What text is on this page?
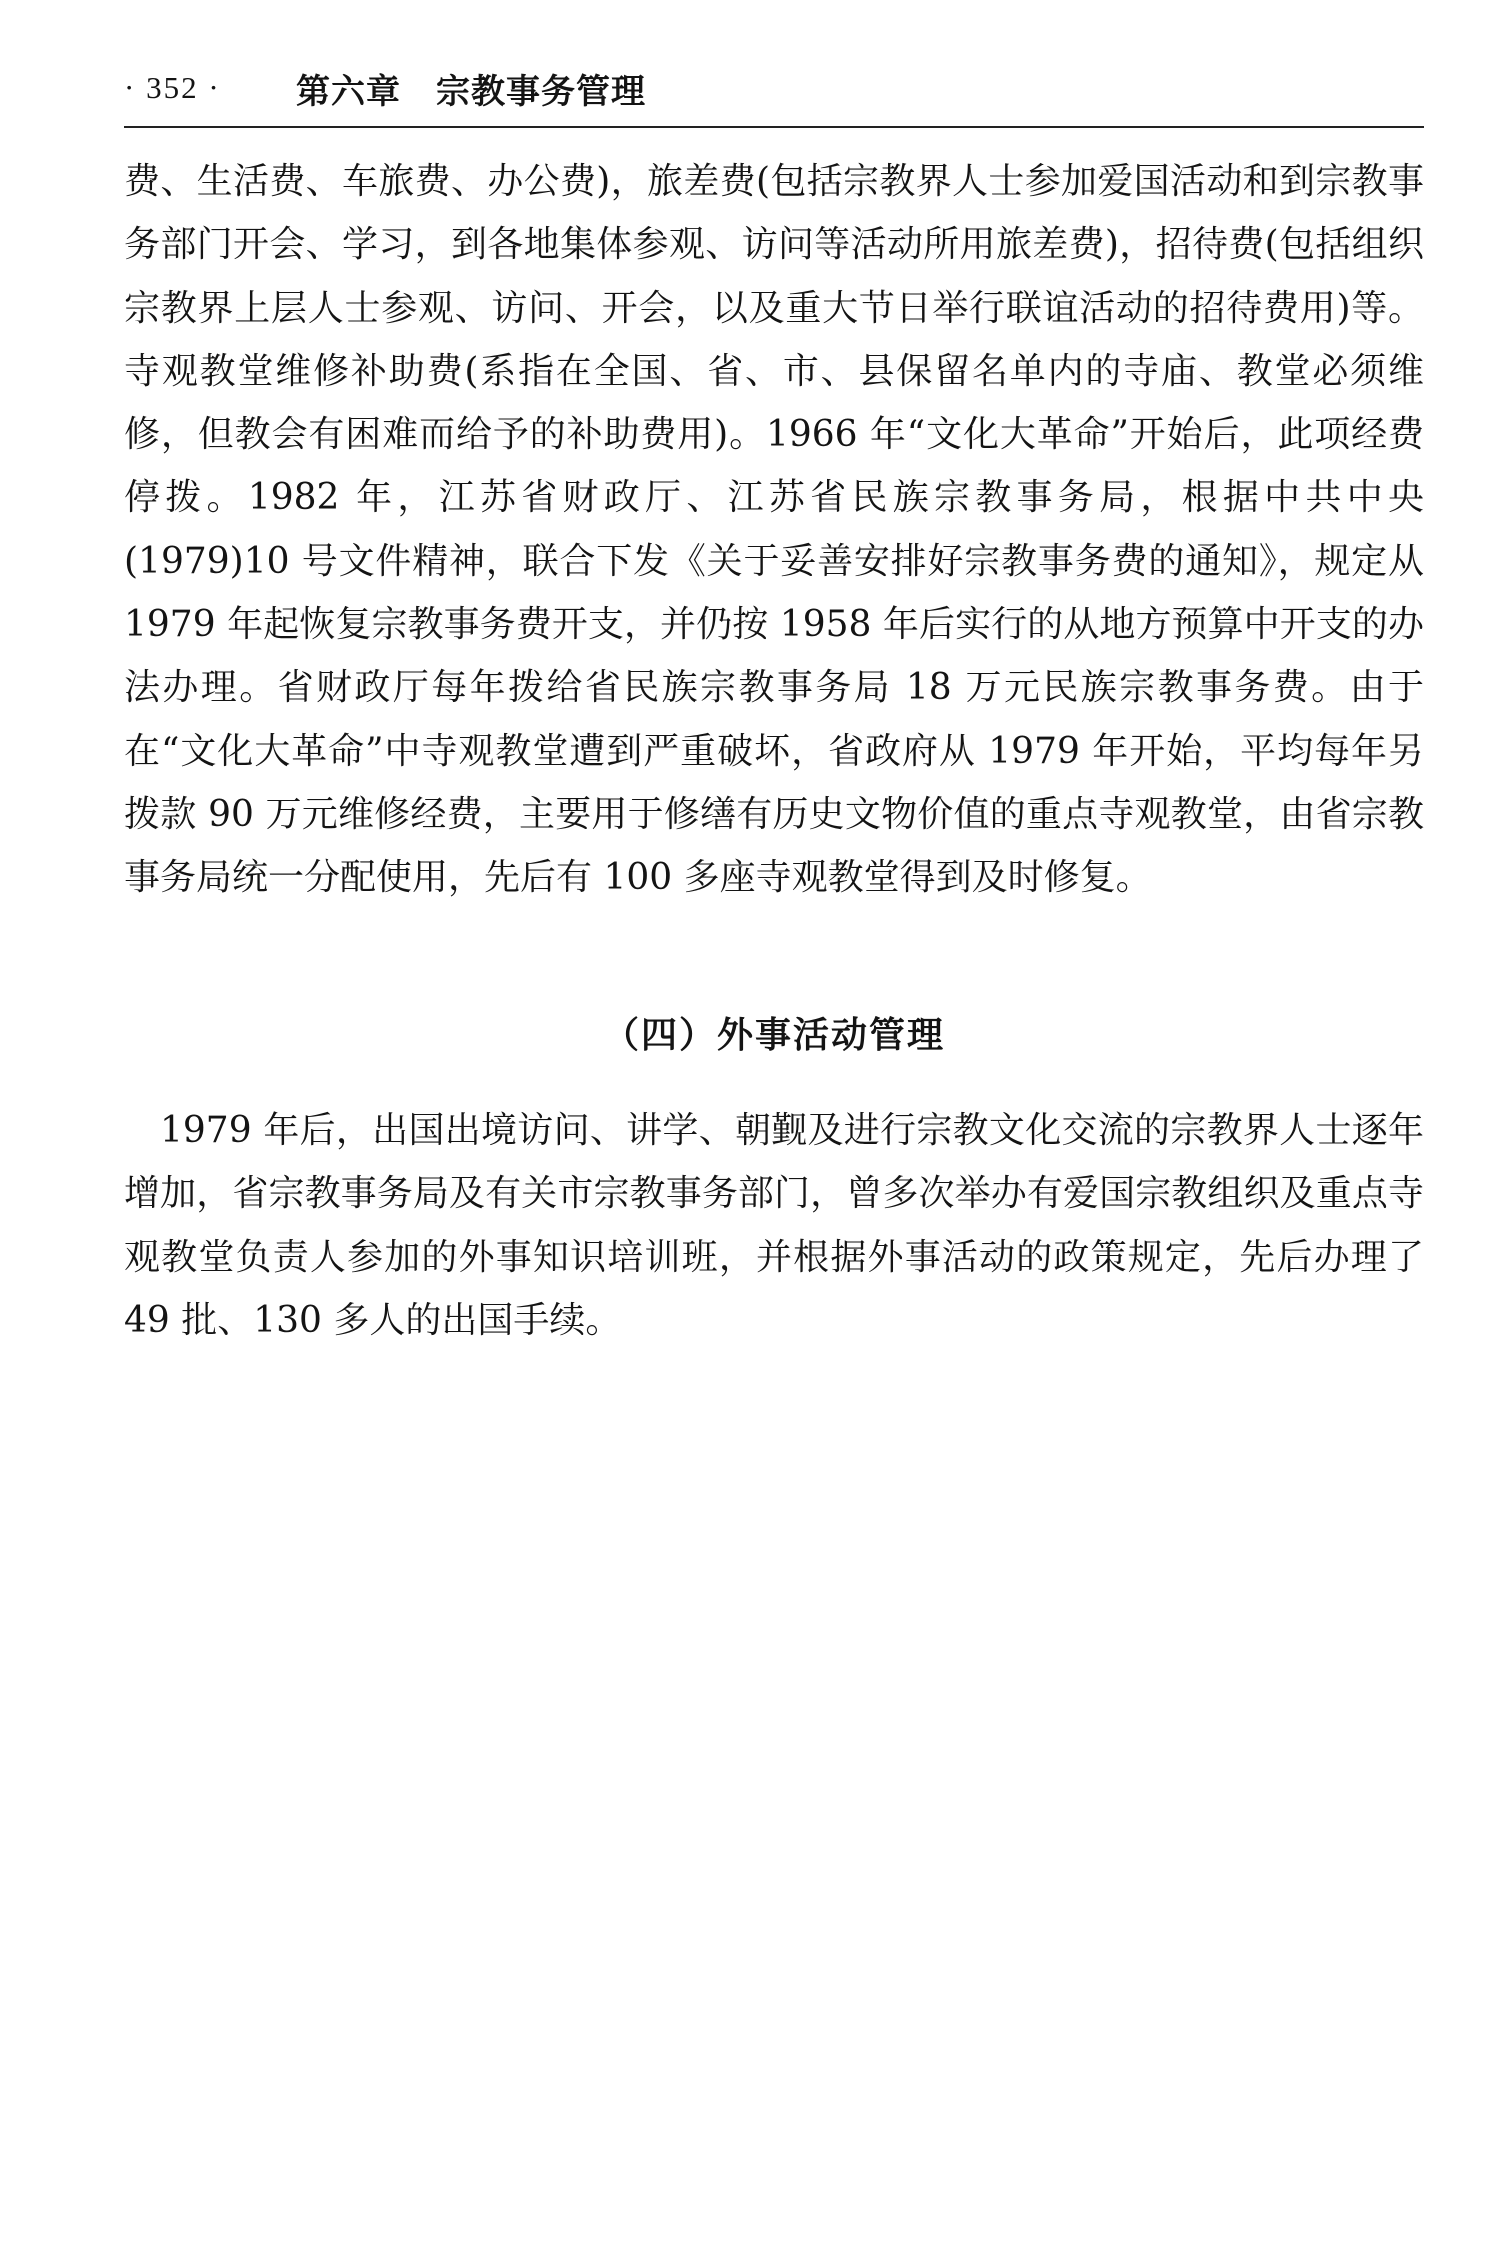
· 352 · 第六章　宗教事务管理

费、生活费、车旅费、办公费)，旅差费(包括宗教界人士参加爱国活动和到宗教事务部门开会、学习，到各地集体参观、访问等活动所用旅差费)，招待费(包括组织宗教界上层人士参观、访问、开会，以及重大节日举行联谊活动的招待费用)等。寺观教堂维修补助费(系指在全国、省、市、县保留名单内的寺庙、教堂必须维修，但教会有困难而给予的补助费用)。1966 年“文化大革命”开始后，此项经费停拨。1982 年，江苏省财政厅、江苏省民族宗教事务局，根据中共中央(1979)10 号文件精神，联合下发《关于妥善安排好宗教事务费的通知》，规定从 1979 年起恢复宗教事务费开支，并仍按 1958 年后实行的从地方预算中开支的办法办理。省财政厅每年拨给省民族宗教事务局 18 万元民族宗教事务费。由于在“文化大革命”中寺观教堂遭到严重破坏，省政府从 1979 年开始，平均每年另拨款 90 万元维修经费，主要用于修缮有历史文物价值的重点寺观教堂，由省宗教事务局统一分配使用，先后有 100 多座寺观教堂得到及时修复。

（四）外事活动管理

1979 年后，出国出境访问、讲学、朝觐及进行宗教文化交流的宗教界人士逐年增加，省宗教事务局及有关市宗教事务部门，曾多次举办有爱国宗教组织及重点寺观教堂负责人参加的外事知识培训班，并根据外事活动的政策规定，先后办理了 49 批、130 多人的出国手续。
